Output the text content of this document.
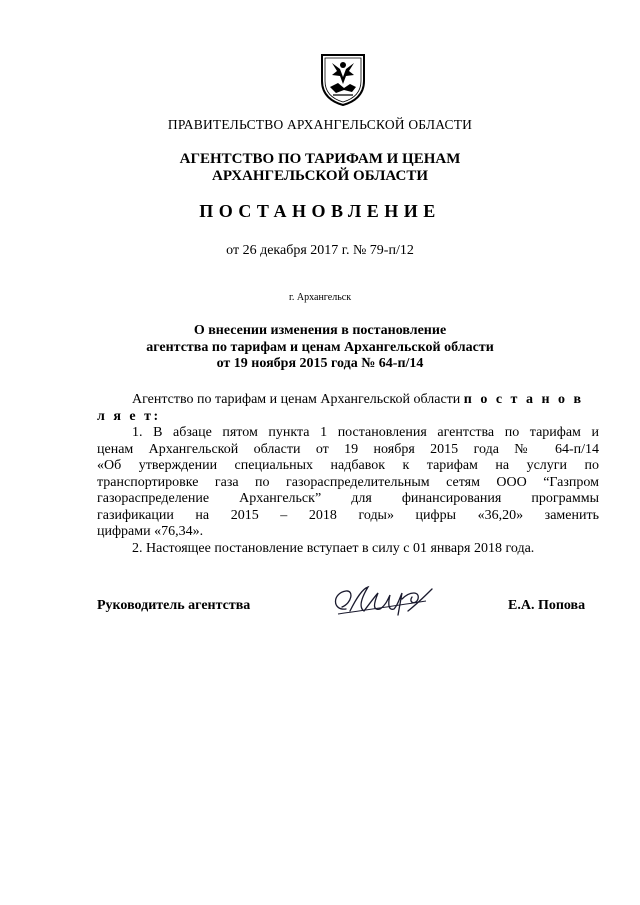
ПРАВИТЕЛЬСТВО АРХАНГЕЛЬСКОЙ ОБЛАСТИ
АГЕНТСТВО ПО ТАРИФАМ И ЦЕНАМ
АРХАНГЕЛЬСКОЙ ОБЛАСТИ
ПОСТАНОВЛЕНИЕ
от 26 декабря 2017 г. № 79-п/12
г. Архангельск
О внесении изменения в постановление
агентства по тарифам и ценам Архангельской области
от 19 ноября 2015 года № 64-п/14

Агентство по тарифам и ценам Архангельской области п о с т а н о в л я е т:

1. В абзаце пятом пункта 1 постановления агентства по тарифам и

ценам Архангельской области от 19 ноября 2015 года № 64-п/14

«Об утверждении специальных надбавок к тарифам на услуги по

транспортировке газа по газораспределительным сетям ООО “Газпром

газораспределение Архангельск” для финансирования программы

газификации на 2015 – 2018 годы» цифры «36,20» заменить

цифрами «76,34».

2. Настоящее постановление вступает в силу с 01 января 2018 года.

Руководитель агентства	Е.А. Попова
